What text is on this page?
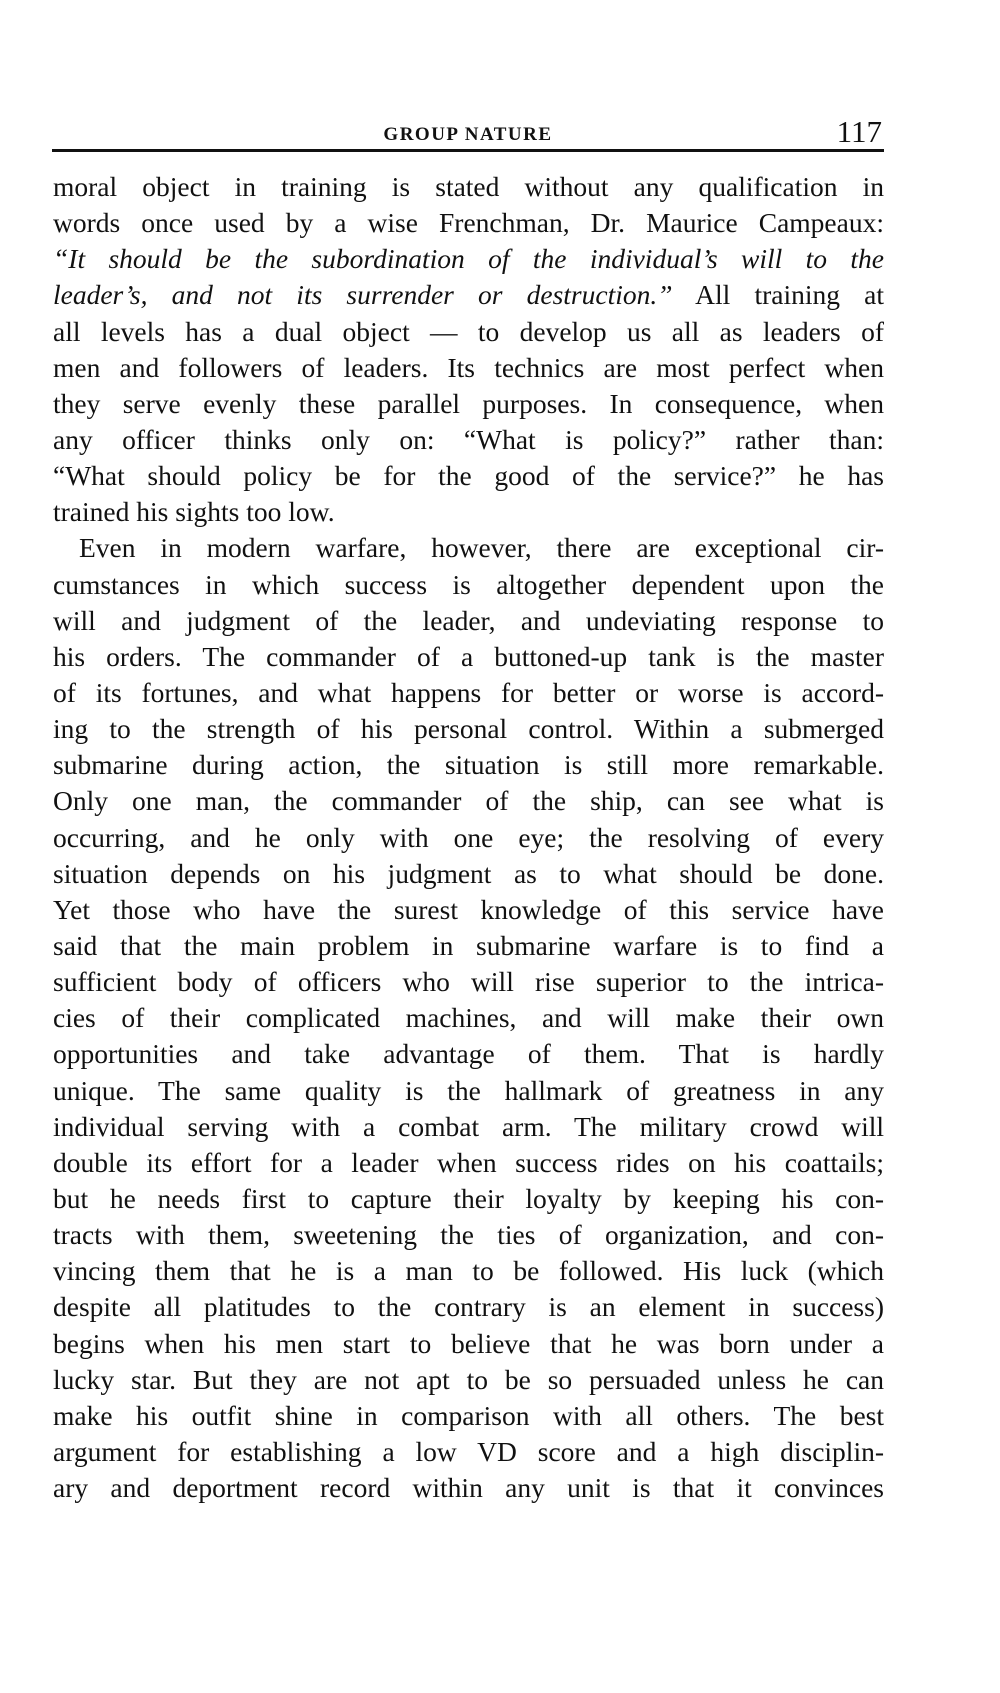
GROUP NATURE	117
moral object in training is stated without any qualification in
words once used by a wise Frenchman, Dr. Maurice Campeaux:
“It should be the subordination of the individual’s will to the
leader’s, and not its surrender or destruction.” All training at
all levels has a dual object — to develop us all as leaders of
men and followers of leaders. Its technics are most perfect when
they serve evenly these parallel purposes. In consequence, when
any officer thinks only on: “What is policy?” rather than:
“What should policy be for the good of the service?” he has
trained his sights too low.
Even in modern warfare, however, there are exceptional cir-
cumstances in which success is altogether dependent upon the
will and judgment of the leader, and undeviating response to
his orders. The commander of a buttoned-up tank is the master
of its fortunes, and what happens for better or worse is accord-
ing to the strength of his personal control. Within a submerged
submarine during action, the situation is still more remarkable.
Only one man, the commander of the ship, can see what is
occurring, and he only with one eye; the resolving of every
situation depends on his judgment as to what should be done.
Yet those who have the surest knowledge of this service have
said that the main problem in submarine warfare is to find a
sufficient body of officers who will rise superior to the intrica-
cies of their complicated machines, and will make their own
opportunities and take advantage of them. That is hardly
unique. The same quality is the hallmark of greatness in any
individual serving with a combat arm. The military crowd will
double its effort for a leader when success rides on his coattails;
but he needs first to capture their loyalty by keeping his con-
tracts with them, sweetening the ties of organization, and con-
vincing them that he is a man to be followed. His luck (which
despite all platitudes to the contrary is an element in success)
begins when his men start to believe that he was born under a
lucky star. But they are not apt to be so persuaded unless he can
make his outfit shine in comparison with all others. The best
argument for establishing a low VD score and a high disciplin-
ary and deportment record within any unit is that it convinces
